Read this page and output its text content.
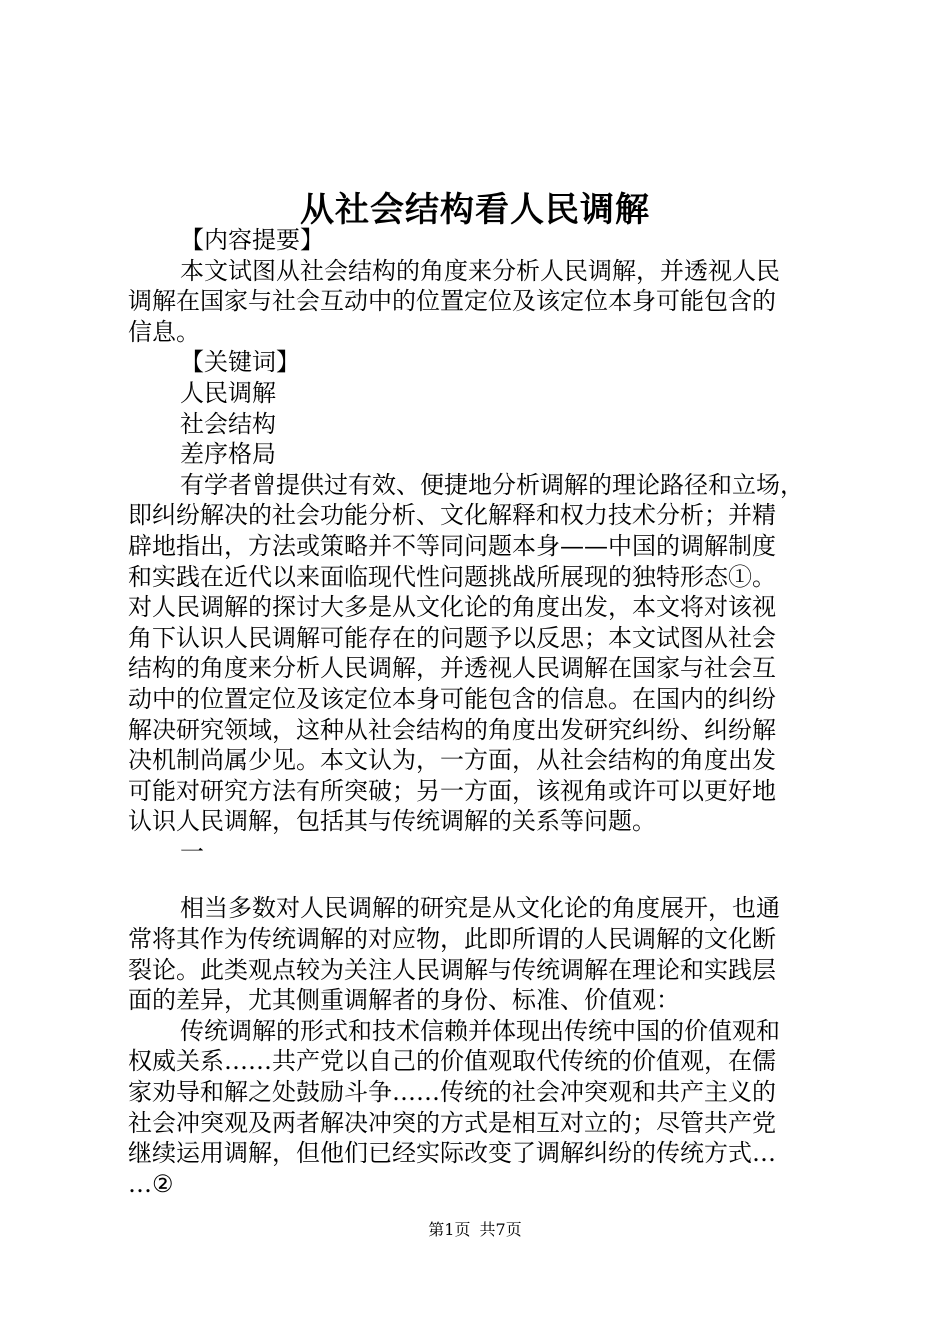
从社会结构看人民调解
【内容提要】
本文试图从社会结构的角度来分析人民调解，并透视人民
调解在国家与社会互动中的位置定位及该定位本身可能包含的
信息。
【关键词】
人民调解
社会结构
差序格局
有学者曾提供过有效、便捷地分析调解的理论路径和立场，
即纠纷解决的社会功能分析、文化解释和权力技术分析；并精
辟地指出，方法或策略并不等同问题本身——中国的调解制度
和实践在近代以来面临现代性问题挑战所展现的独特形态①。
对人民调解的探讨大多是从文化论的角度出发，本文将对该视
角下认识人民调解可能存在的问题予以反思；本文试图从社会
结构的角度来分析人民调解，并透视人民调解在国家与社会互
动中的位置定位及该定位本身可能包含的信息。在国内的纠纷
解决研究领域，这种从社会结构的角度出发研究纠纷、纠纷解
决机制尚属少见。本文认为，一方面，从社会结构的角度出发
可能对研究方法有所突破；另一方面，该视角或许可以更好地
认识人民调解，包括其与传统调解的关系等问题。
一
相当多数对人民调解的研究是从文化论的角度展开，也通
常将其作为传统调解的对应物，此即所谓的人民调解的文化断
裂论。此类观点较为关注人民调解与传统调解在理论和实践层
面的差异，尤其侧重调解者的身份、标准、价值观：
传统调解的形式和技术信赖并体现出传统中国的价值观和
权威关系……共产党以自己的价值观取代传统的价值观，在儒
家劝导和解之处鼓励斗争……传统的社会冲突观和共产主义的
社会冲突观及两者解决冲突的方式是相互对立的；尽管共产党
继续运用调解，但他们已经实际改变了调解纠纷的传统方式…
…②
第1页 共7页
